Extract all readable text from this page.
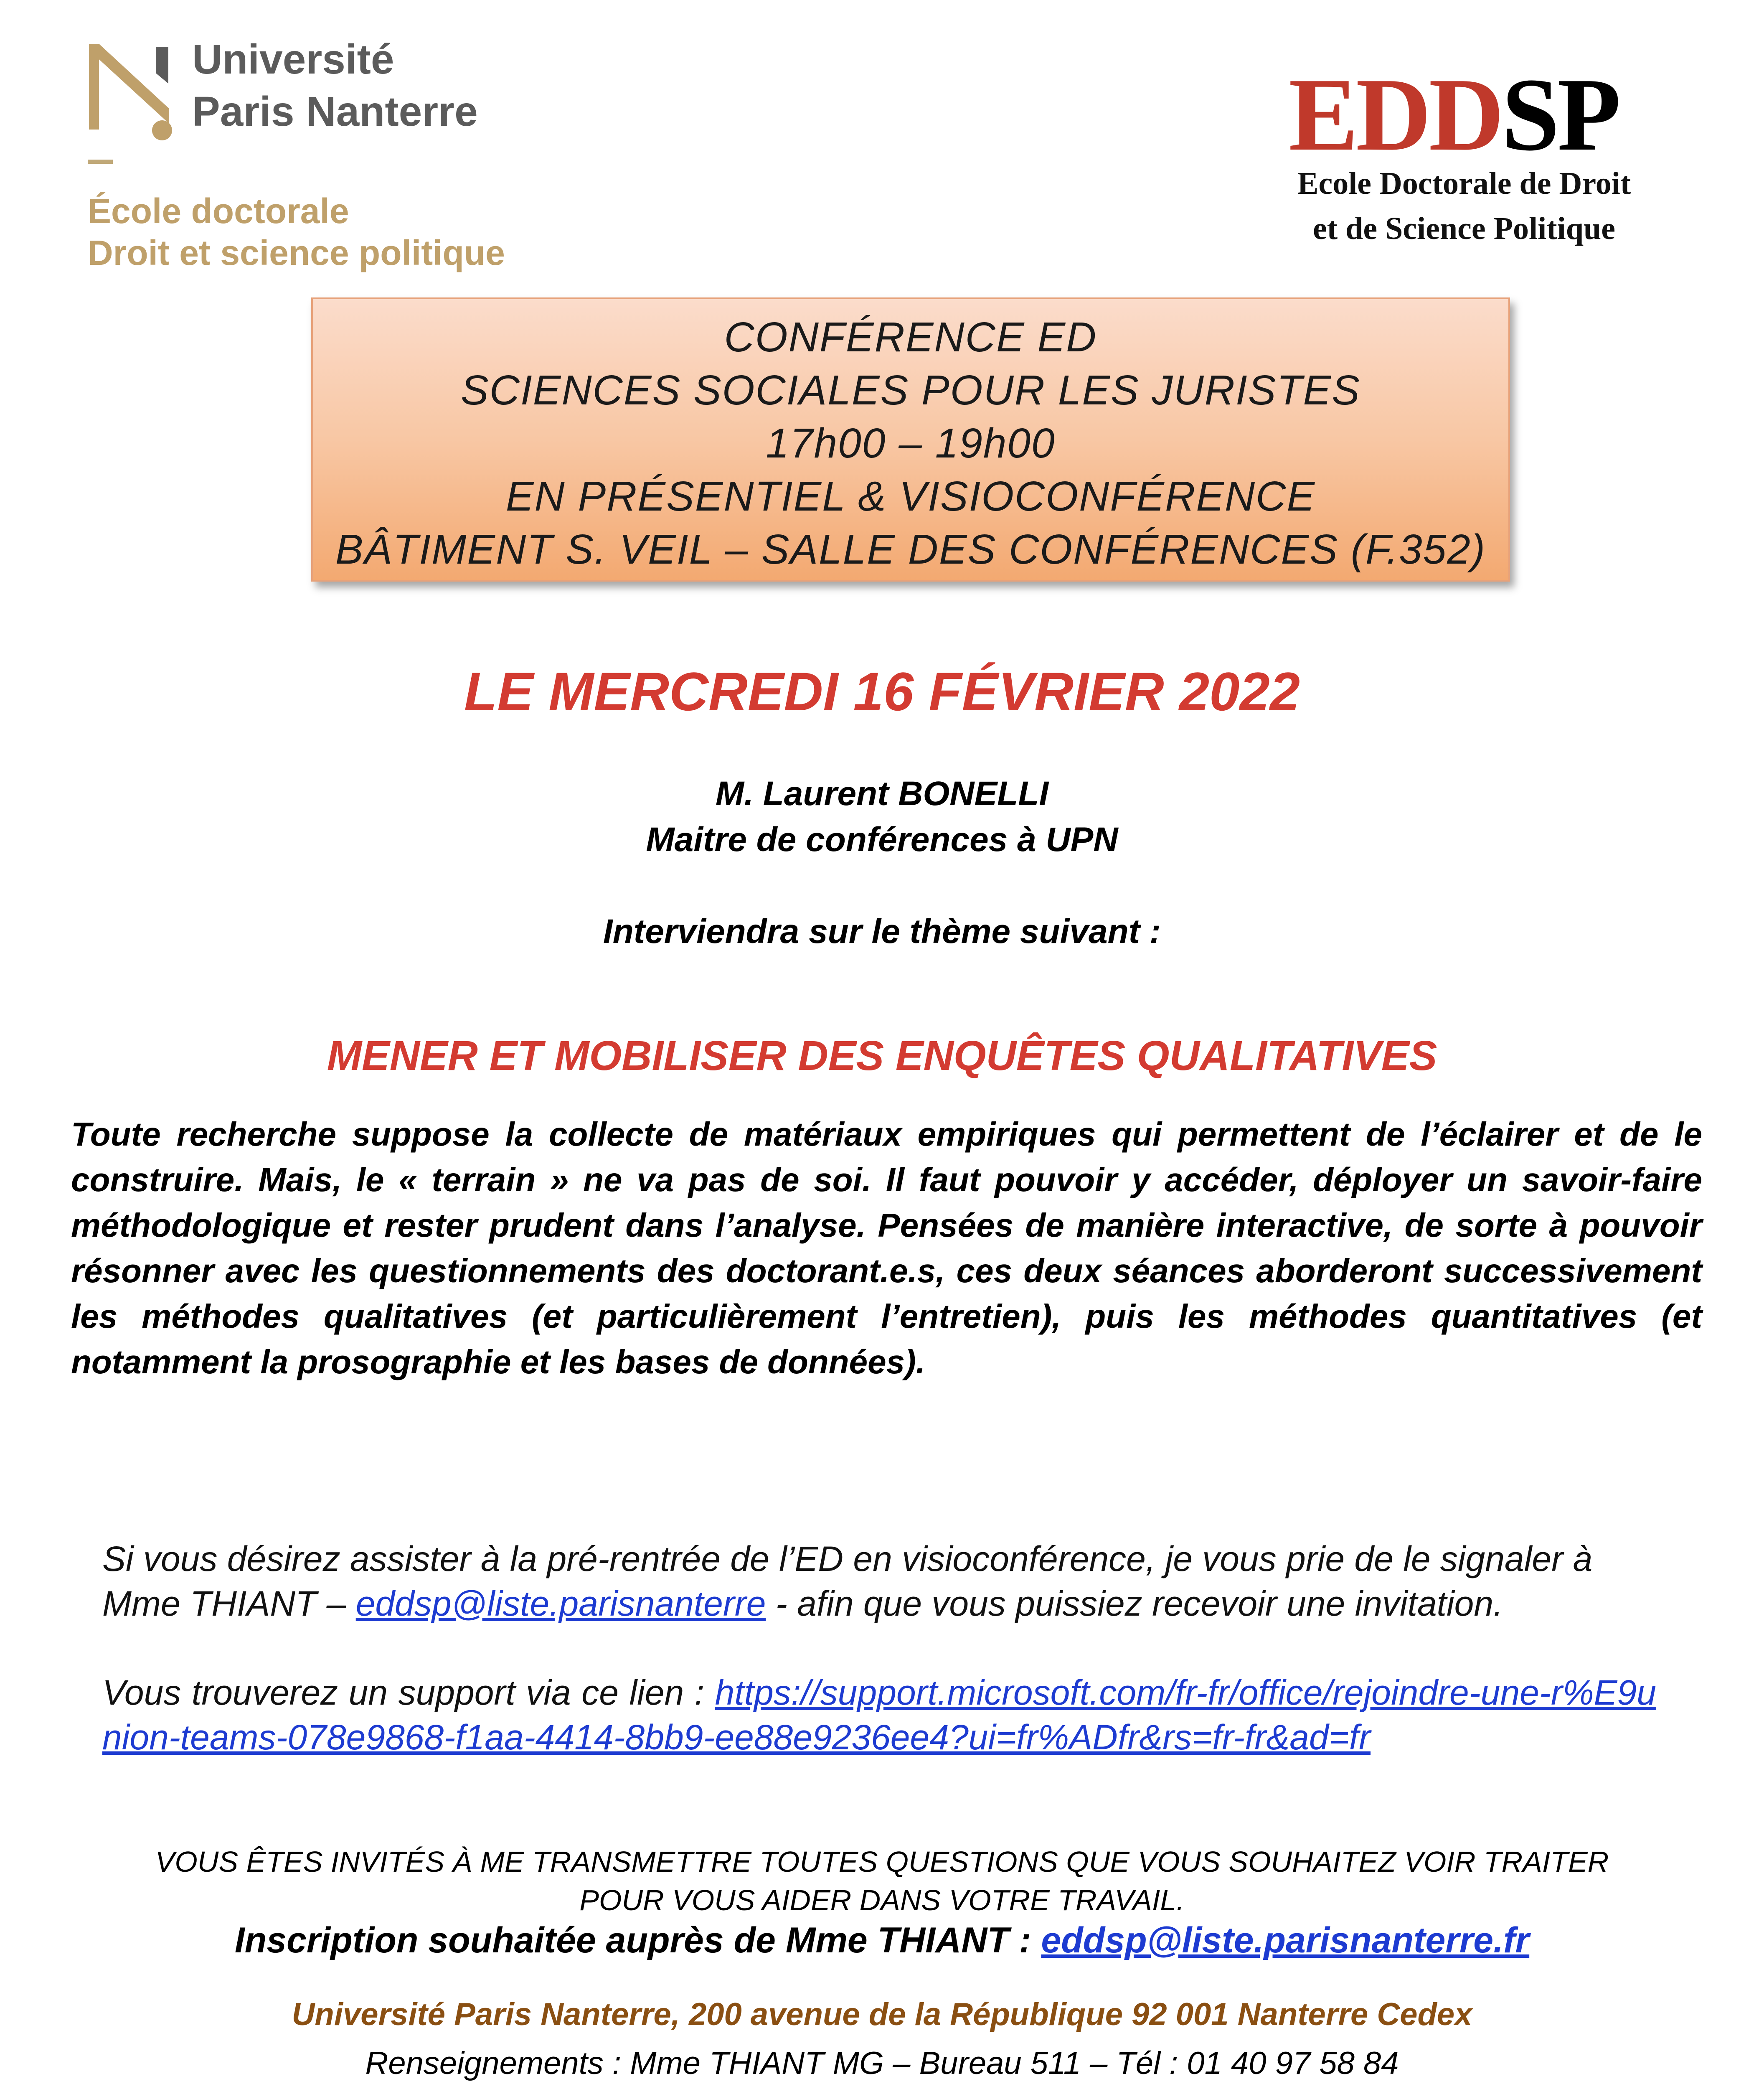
Université
Paris Nanterre
École doctorale
Droit et science politique
EDDSP
Ecole Doctorale de Droit
et de Science Politique
CONFÉRENCE ED
SCIENCES SOCIALES POUR LES JURISTES
17h00 – 19h00
EN PRÉSENTIEL & VISIOCONFÉRENCE
BÂTIMENT S. VEIL – SALLE DES CONFÉRENCES (F.352)
LE MERCREDI 16 FÉVRIER 2022
M. Laurent BONELLI
Maitre de conférences à UPN
Interviendra sur le thème suivant :
MENER ET MOBILISER DES ENQUÊTES QUALITATIVES
Toute recherche suppose la collecte de matériaux empiriques qui permettent de l’éclairer et de le construire. Mais, le « terrain » ne va pas de soi. Il faut pouvoir y accéder, déployer un savoir-faire méthodologique et rester prudent dans l’analyse. Pensées de manière interactive, de sorte à pouvoir résonner avec les questionnements des doctorant.e.s, ces deux séances aborderont successivement les méthodes qualitatives (et particulièrement l’entretien), puis les méthodes quantitatives (et notamment la prosographie et les bases de données).
Si vous désirez assister à la pré-rentrée de l’ED en visioconférence, je vous prie de le signaler à Mme THIANT – eddsp@liste.parisnanterre - afin que vous puissiez recevoir une invitation.
Vous trouverez un support via ce lien : https://support.microsoft.com/fr-fr/office/rejoindre-une-r%E9union-teams-078e9868-f1aa-4414-8bb9-ee88e9236ee4?ui=fr%ADfr&rs=fr-fr&ad=fr
VOUS ÊTES INVITÉS À ME TRANSMETTRE TOUTES QUESTIONS QUE VOUS SOUHAITEZ VOIR TRAITER
POUR VOUS AIDER DANS VOTRE TRAVAIL.
Inscription souhaitée auprès de Mme THIANT : eddsp@liste.parisnanterre.fr
Université Paris Nanterre, 200 avenue de la République 92 001 Nanterre Cedex
Renseignements : Mme THIANT MG – Bureau 511 – Tél : 01 40 97 58 84
